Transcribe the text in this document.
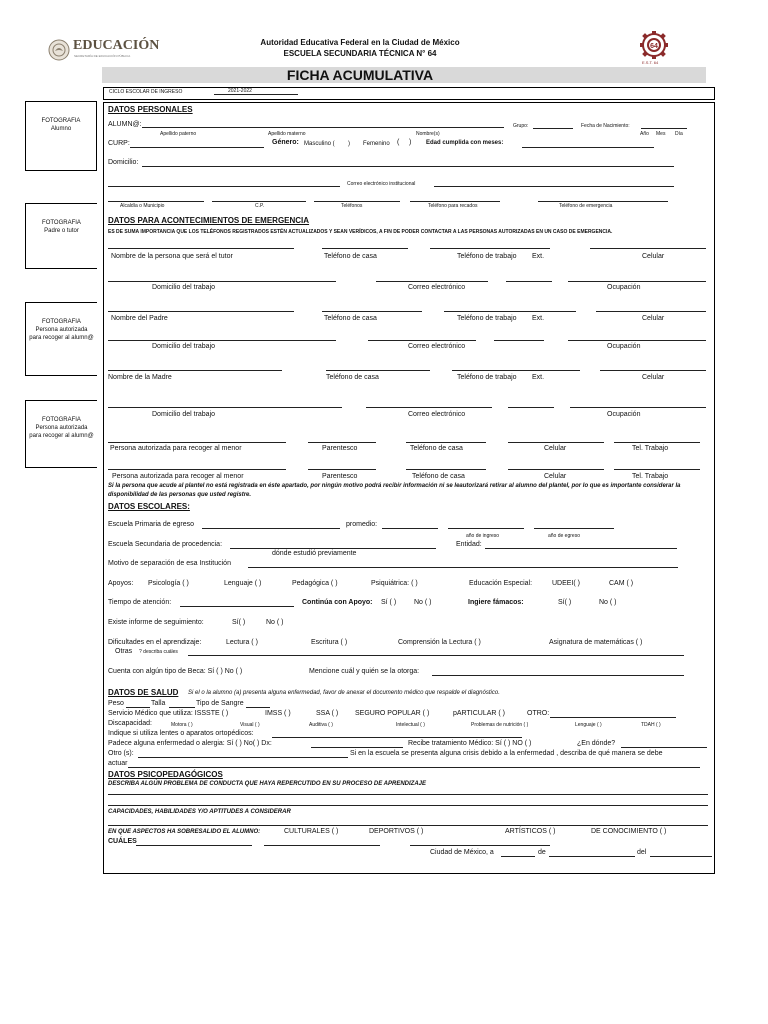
EDUCACIÓN
SECRETARÍA DE EDUCACIÓN PÚBLICA
Autoridad Educativa Federal en la Ciudad de México
ESCUELA SECUNDARIA TÉCNICA N° 64
64
E.S.T. 64
FICHA ACUMULATIVA
CICLO ESCOLAR DE INGRESO	2021-2022
FOTOGRAFIA
Alumno
FOTOGRAFIA
Padre o tutor
FOTOGRAFIA
Persona autorizada
para recoger al alumn@
FOTOGRAFIA
Persona autorizada
para recoger al alumn@
DATOS PERSONALES
ALUMN@:	Grupo:	Fecha de Nacimiento:
Apellido paterno	Apellido materno	Nombre(s)	Año Mes Día
CURP:	Género: Masculino ( ) Femenino ( ) Edad cumplida con meses:
Domicilio:
Correo electrónico institucional
Alcaldía o Municipio	C.P.	Teléfonos	Teléfono para recados	Teléfono de emergencia
DATOS PARA ACONTECIMIENTOS DE EMERGENCIA
ES DE SUMA IMPORTANCIA QUE LOS TELÉFONOS REGISTRADOS ESTÉN ACTUALIZADOS Y SEAN VERÍDICOS, A FIN DE PODER CONTACTAR A LAS PERSONAS AUTORIZADAS EN UN CASO DE EMERGENCIA.
Nombre de la persona que será el tutor	Teléfono de casa	Teléfono de trabajo Ext.	Celular
Domicilio del trabajo	Correo electrónico	Ocupación
Nombre del Padre	Teléfono de casa	Teléfono de trabajo Ext.	Celular
Domicilio del trabajo	Correo electrónico	Ocupación
Nombre de la Madre	Teléfono de casa	Teléfono de trabajo Ext.	Celular
Domicilio del trabajo	Correo electrónico	Ocupación
Persona autorizada para recoger al menor	Parentesco	Teléfono de casa	Celular	Tel. Trabajo
Persona autorizada para recoger al menor	Parentesco	Teléfono de casa	Celular	Tel. Trabajo
Si la persona que acude al plantel no está registrada en éste apartado, por ningún motivo podrá recibir información ni se leautorizará retirar al alumno del plantel, por lo que es importante considerar la disponibilidad de las personas que usted registre.
DATOS ESCOLARES:
Escuela Primaria de egreso	promedio:
año de ingreso	año de egreso
Escuela Secundaria de procedencia:	Entidad:
dónde estudió previamente
Motivo de separación de esa Institución
Apoyos: Psicología ( )	Lenguaje ( )	Pedagógica ( )	Psiquiátrica: ( )	Educación Especial:	UDEEI( )	CAM ( )
Tiempo de atención:	Continúa con Apoyo: Sí ( )	No ( )	Ingiere fámacos:	Sí( )	No ( )
Existe informe de seguimiento:	Sí( )	No ( )
Dificultades en el aprendizaje:	Lectura ( )	Escritura ( )	Comprensión la Lectura ( )	Asignatura de matemáticas ( )
Otras ? describa cuáles
Cuenta con algún tipo de Beca: Sí ( ) No ( )	Mencione cuál y quién se la otorga:
DATOS DE SALUD Si el o la alumno (a) presenta alguna enfermedad, favor de anexar el documento médico que respalde el diagnóstico.
Peso	Talla	Tipo de Sangre
Servicio Médico que utiliza: ISSSTE ( )	IMSS ( )	SSA ( ) SEGURO POPULAR ( )	pARTICULAR ( )	OTRO:
Discapacidad:	Motora ( )	Visual ( )	Auditiva ( )	Intelectual ( )	Problemas de nutrición ( )	Lenguaje ( )	TDAH ( )
Indique si utiliza lentes o aparatos ortopédicos:
Padece alguna enfermedad o alergia: Sí ( ) No( ) Dx:	Recibe tratamiento Médico: Sí ( ) NO ( )	¿En dónde?
Otro (s):	Si en la escuela se presenta alguna crisis debido a la enfermedad , describa de qué manera se debe
actuar
DATOS PSICOPEDAGÓGICOS
DESCRIBA ALGÚN PROBLEMA DE CONDUCTA QUE HAYA REPERCUTIDO EN SU PROCESO DE APRENDIZAJE
CAPACIDADES, HABILIDADES Y/O APTITUDES A CONSIDERAR
EN QUE ASPECTOS HA SOBRESALIDO EL ALUMNO:	CULTURALES ( )	DEPORTIVOS ( )	ARTÍSTICOS ( )	DE CONOCIMIENTO ( )
CUÁLES
Ciudad de México, a	de	del
